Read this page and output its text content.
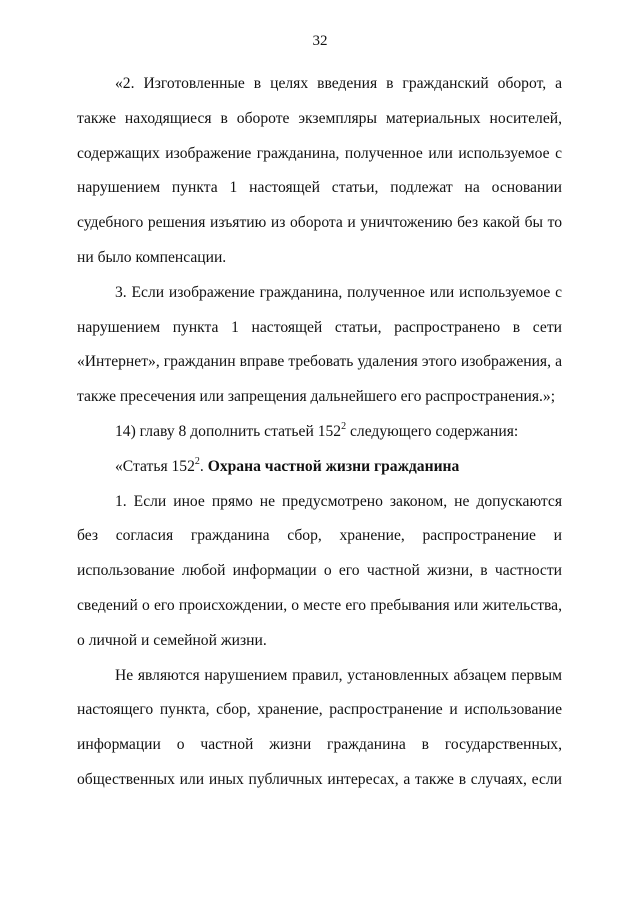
32

«2. Изготовленные в целях введения в гражданский оборот, а также находящиеся в обороте экземпляры материальных носителей, содержащих изображение гражданина, полученное или используемое с нарушением пункта 1 настоящей статьи, подлежат на основании судебного решения изъятию из оборота и уничтожению без какой бы то ни было компенсации.

3. Если изображение гражданина, полученное или используемое с нарушением пункта 1 настоящей статьи, распространено в сети «Интернет», гражданин вправе требовать удаления этого изображения, а также пресечения или запрещения дальнейшего его распространения.»;

14) главу 8 дополнить статьей $152^2$ следующего содержания:

«Статья $152^2$. Охрана частной жизни гражданина

1. Если иное прямо не предусмотрено законом, не допускаются без согласия гражданина сбор, хранение, распространение и использование любой информации о его частной жизни, в частности сведений о его происхождении, о месте его пребывания или жительства, о личной и семейной жизни.

Не являются нарушением правил, установленных абзацем первым настоящего пункта, сбор, хранение, распространение и использование информации о частной жизни гражданина в государственных, общественных или иных публичных интересах, а также в случаях, если
